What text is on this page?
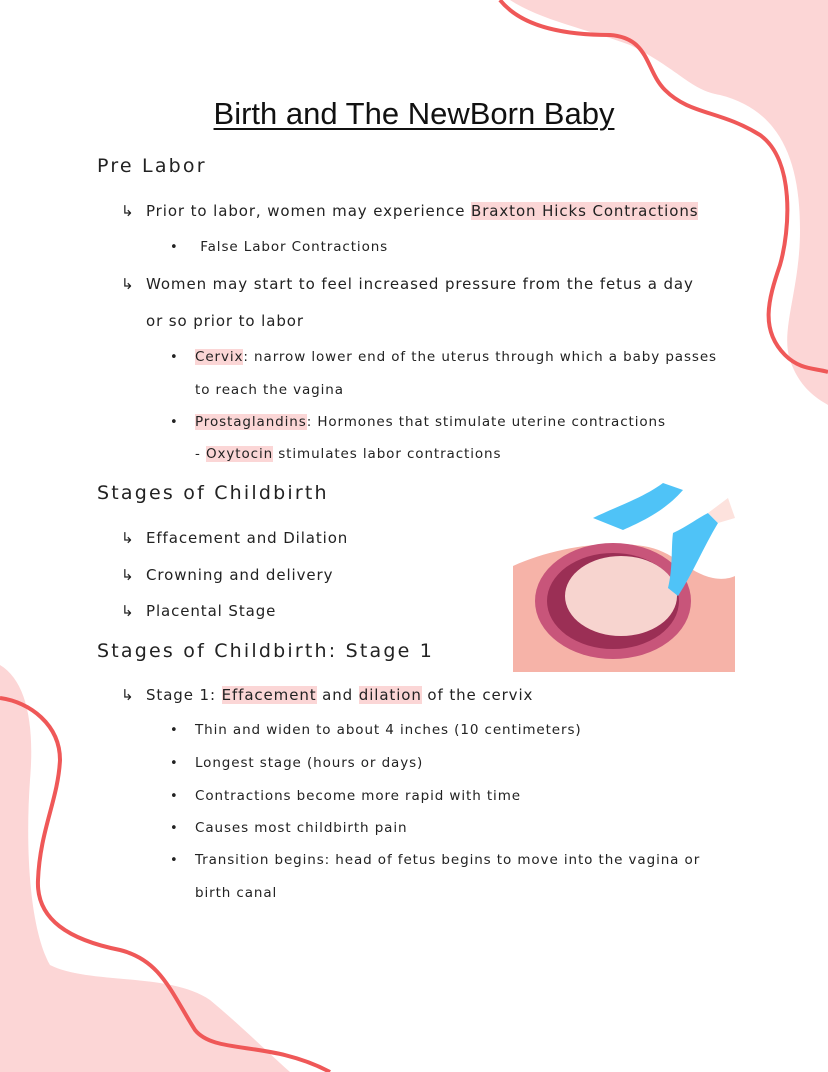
Birth and The NewBorn Baby
Pre Labor
↳ Prior to labor, women may experience Braxton Hicks Contractions
• False Labor Contractions
↳ Women may start to feel increased pressure from the fetus a day
or so prior to labor
• Cervix: narrow lower end of the uterus through which a baby passes
to reach the vagina
• Prostaglandins: Hormones that stimulate uterine contractions
- Oxytocin stimulates labor contractions
Stages of Childbirth
↳ Effacement and Dilation
↳ Crowning and delivery
↳ Placental Stage
Stages of Childbirth: Stage 1
↳ Stage 1: Effacement and dilation of the cervix
• Thin and widen to about 4 inches (10 centimeters)
• Longest stage (hours or days)
• Contractions become more rapid with time
• Causes most childbirth pain
• Transition begins: head of fetus begins to move into the vagina or
birth canal
